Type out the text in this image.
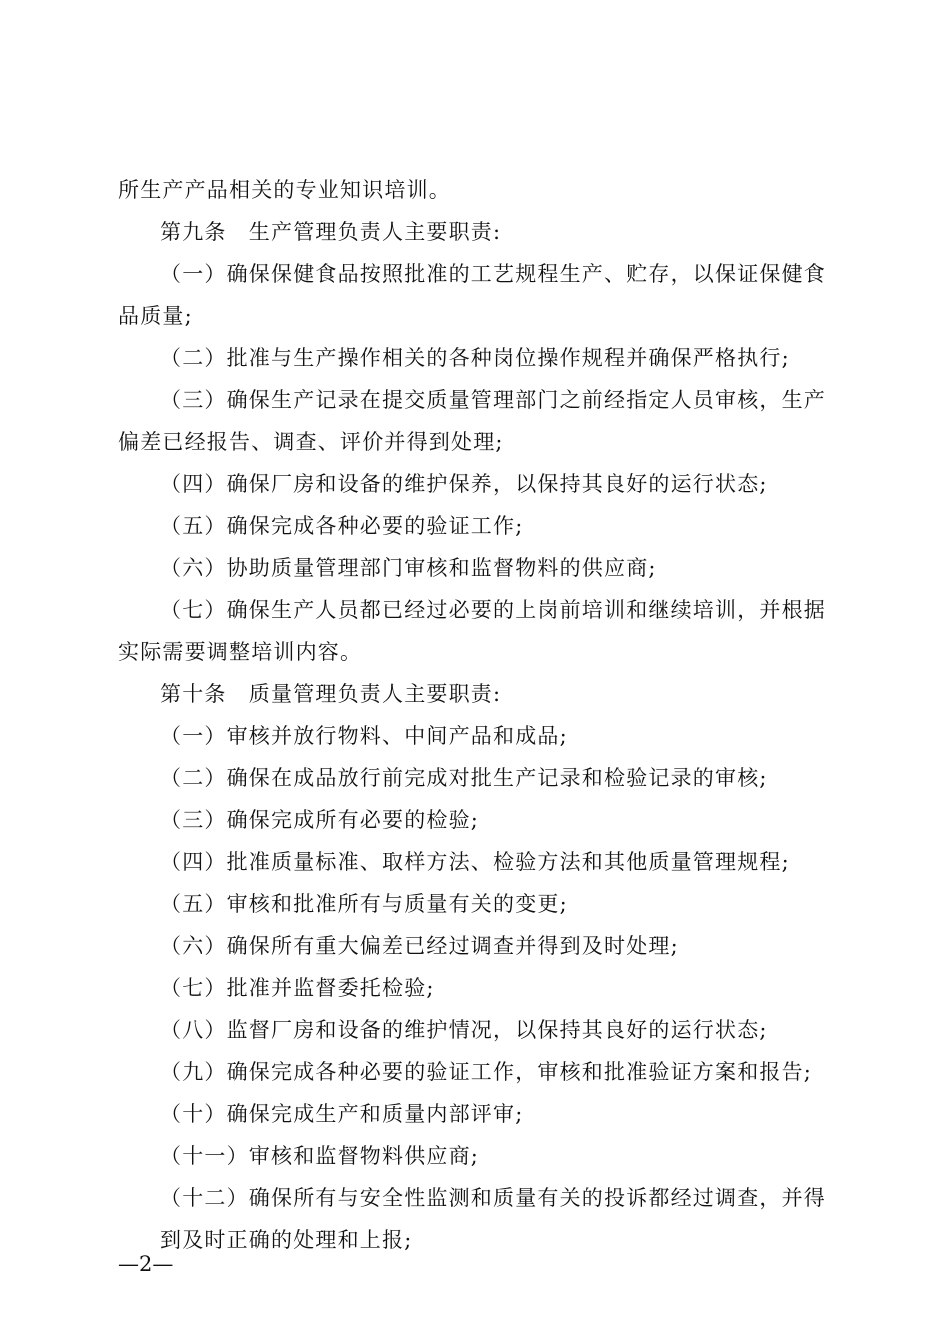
所生产产品相关的专业知识培训。
第九条　生产管理负责人主要职责:
（一）确保保健食品按照批准的工艺规程生产、贮存，以保证保健食
品质量;
（二）批准与生产操作相关的各种岗位操作规程并确保严格执行;
（三）确保生产记录在提交质量管理部门之前经指定人员审核，生产
偏差已经报告、调查、评价并得到处理;
（四）确保厂房和设备的维护保养，以保持其良好的运行状态;
（五）确保完成各种必要的验证工作;
（六）协助质量管理部门审核和监督物料的供应商;
（七）确保生产人员都已经过必要的上岗前培训和继续培训，并根据
实际需要调整培训内容。
第十条　质量管理负责人主要职责:
（一）审核并放行物料、中间产品和成品;
（二）确保在成品放行前完成对批生产记录和检验记录的审核;
（三）确保完成所有必要的检验;
（四）批准质量标准、取样方法、检验方法和其他质量管理规程;
（五）审核和批准所有与质量有关的变更;
（六）确保所有重大偏差已经过调查并得到及时处理;
（七）批准并监督委托检验;
（八）监督厂房和设备的维护情况，以保持其良好的运行状态;
（九）确保完成各种必要的验证工作，审核和批准验证方案和报告;
（十）确保完成生产和质量内部评审;
（十一）审核和监督物料供应商;
（十二）确保所有与安全性监测和质量有关的投诉都经过调查，并得
到及时正确的处理和上报;
—2—
